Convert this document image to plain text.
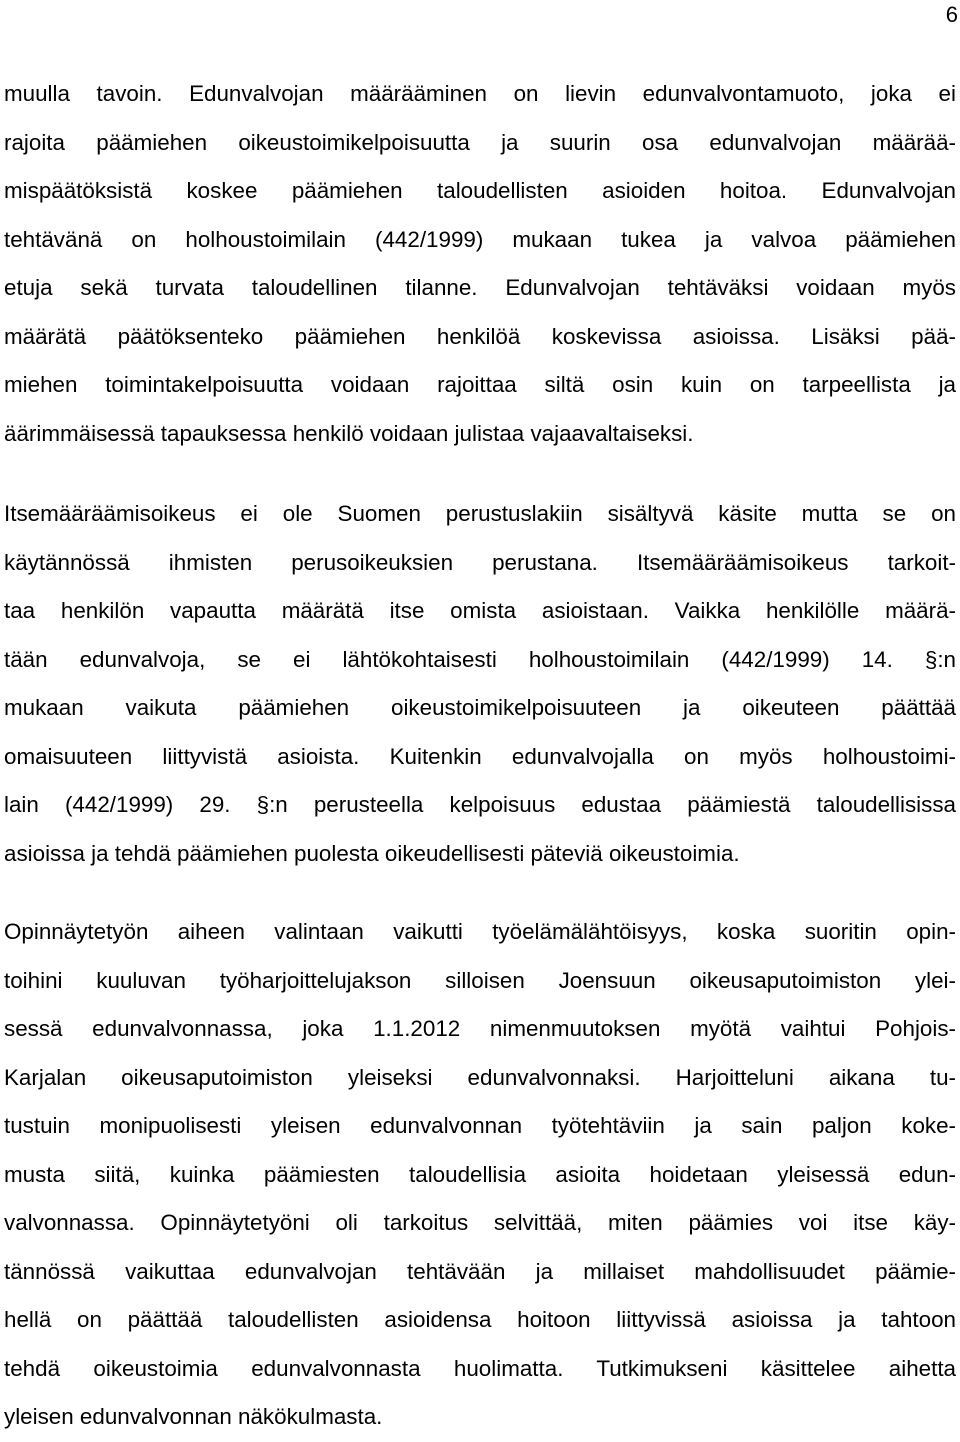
6
muulla tavoin. Edunvalvojan määrääminen on lievin edunvalvontamuoto, joka ei
rajoita päämiehen oikeustoimikelpoisuutta ja suurin osa edunvalvojan määrää-
mispäätöksistä koskee päämiehen taloudellisten asioiden hoitoa. Edunvalvojan
tehtävänä on holhoustoimilain (442/1999) mukaan tukea ja valvoa päämiehen
etuja sekä turvata taloudellinen tilanne. Edunvalvojan tehtäväksi voidaan myös
määrätä päätöksenteko päämiehen henkilöä koskevissa asioissa. Lisäksi pää-
miehen toimintakelpoisuutta voidaan rajoittaa siltä osin kuin on tarpeellista ja
äärimmäisessä tapauksessa henkilö voidaan julistaa vajaavaltaiseksi.
Itsemääräämisoikeus ei ole Suomen perustuslakiin sisältyvä käsite mutta se on
käytännössä ihmisten perusoikeuksien perustana. Itsemääräämisoikeus tarkoit-
taa henkilön vapautta määrätä itse omista asioistaan. Vaikka henkilölle määrä-
tään edunvalvoja, se ei lähtökohtaisesti holhoustoimilain (442/1999) 14. §:n
mukaan vaikuta päämiehen oikeustoimikelpoisuuteen ja oikeuteen päättää
omaisuuteen liittyvistä asioista. Kuitenkin edunvalvojalla on myös holhoustoimi-
lain (442/1999) 29. §:n perusteella kelpoisuus edustaa päämiestä taloudellisissa
asioissa ja tehdä päämiehen puolesta oikeudellisesti päteviä oikeustoimia.
Opinnäytetyön aiheen valintaan vaikutti työelämälähtöisyys, koska suoritin opin-
toihini kuuluvan työharjoittelujakson silloisen Joensuun oikeusaputoimiston ylei-
sessä edunvalvonnassa, joka 1.1.2012 nimenmuutoksen myötä vaihtui Pohjois-
Karjalan oikeusaputoimiston yleiseksi edunvalvonnaksi. Harjoitteluni aikana tu-
tustuin monipuolisesti yleisen edunvalvonnan työtehtäviin ja sain paljon koke-
musta siitä, kuinka päämiesten taloudellisia asioita hoidetaan yleisessä edun-
valvonnassa. Opinnäytetyöni oli tarkoitus selvittää, miten päämies voi itse käy-
tännössä vaikuttaa edunvalvojan tehtävään ja millaiset mahdollisuudet päämie-
hellä on päättää taloudellisten asioidensa hoitoon liittyvissä asioissa ja tahtoon
tehdä oikeustoimia edunvalvonnasta huolimatta. Tutkimukseni käsittelee aihetta
yleisen edunvalvonnan näkökulmasta.
